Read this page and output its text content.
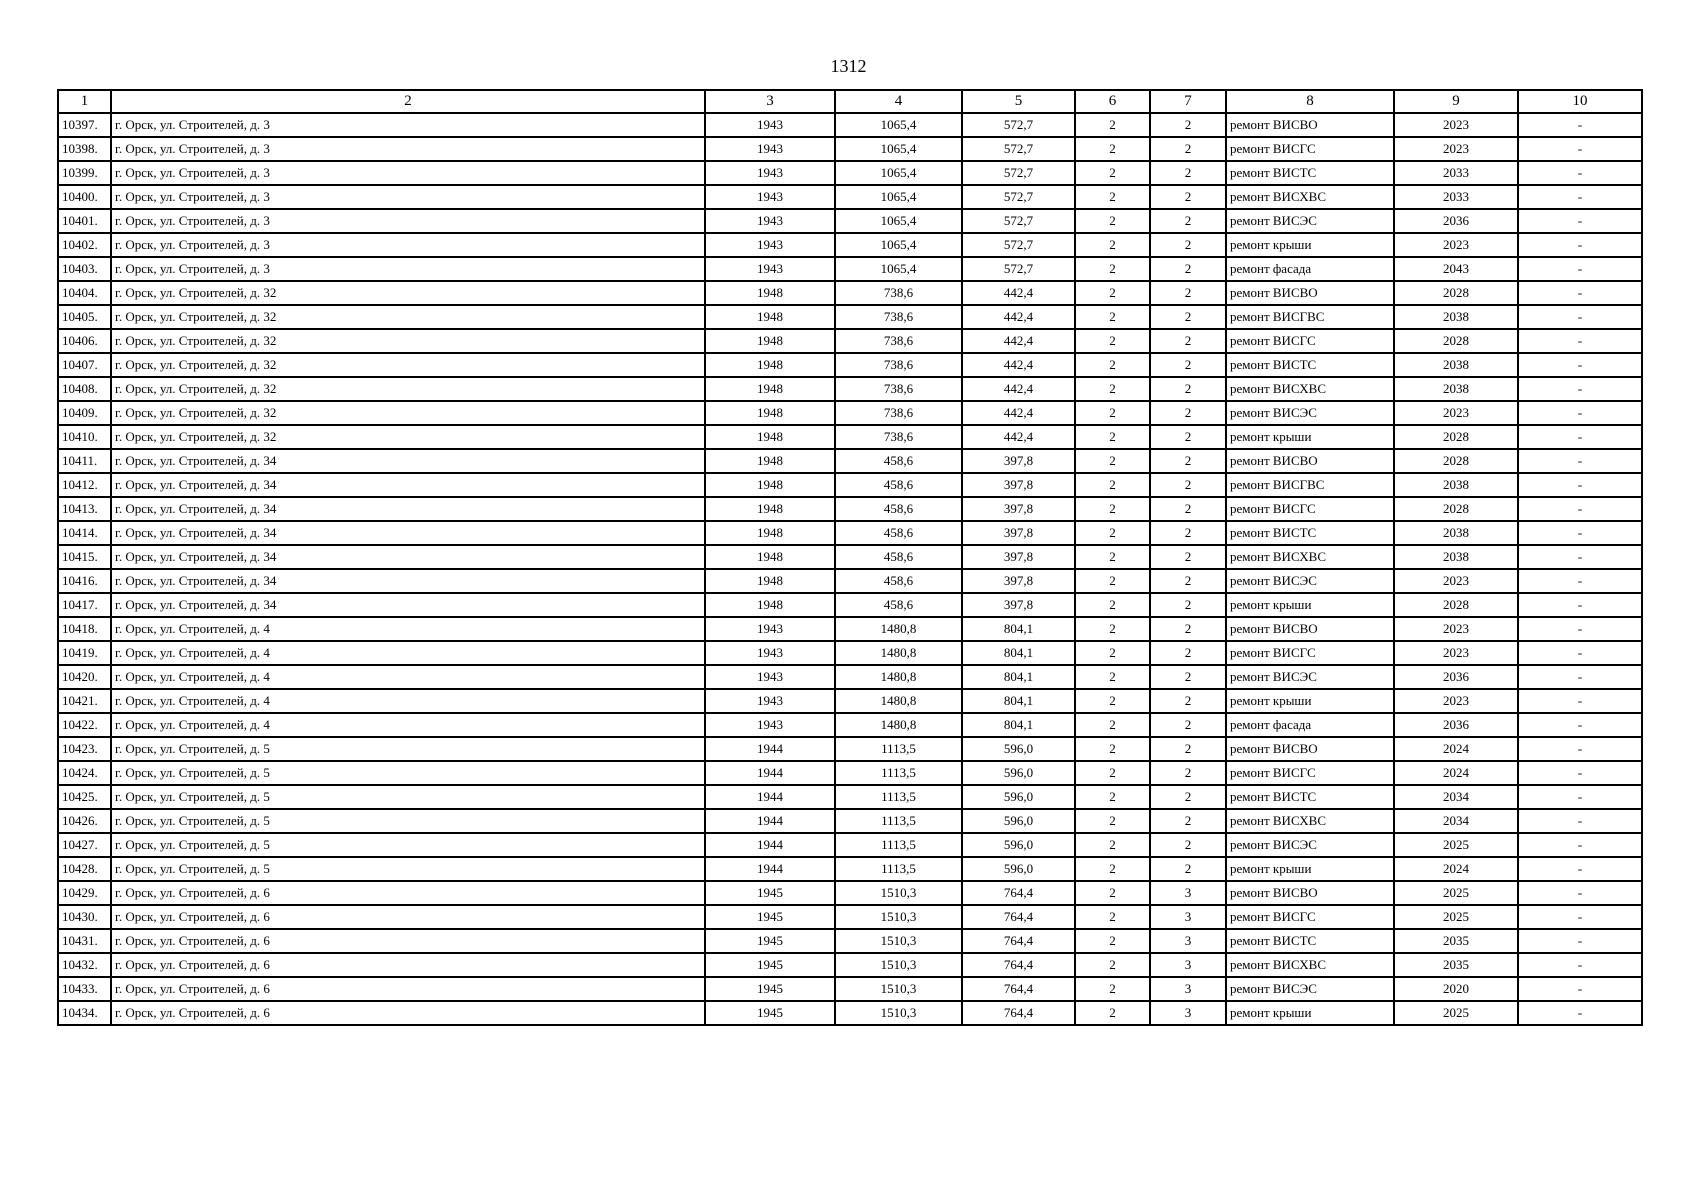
1312
1	2	3	4	5	6	7	8	9	10
10397.	г. Орск, ул. Строителей, д. 3	1943	1065,4	572,7	2	2	ремонт ВИСВО	2023	-
10398.	г. Орск, ул. Строителей, д. 3	1943	1065,4	572,7	2	2	ремонт ВИСГС	2023	-
10399.	г. Орск, ул. Строителей, д. 3	1943	1065,4	572,7	2	2	ремонт ВИСТС	2033	-
10400.	г. Орск, ул. Строителей, д. 3	1943	1065,4	572,7	2	2	ремонт ВИСХВС	2033	-
10401.	г. Орск, ул. Строителей, д. 3	1943	1065,4	572,7	2	2	ремонт ВИСЭС	2036	-
10402.	г. Орск, ул. Строителей, д. 3	1943	1065,4	572,7	2	2	ремонт крыши	2023	-
10403.	г. Орск, ул. Строителей, д. 3	1943	1065,4	572,7	2	2	ремонт фасада	2043	-
10404.	г. Орск, ул. Строителей, д. 32	1948	738,6	442,4	2	2	ремонт ВИСВО	2028	-
10405.	г. Орск, ул. Строителей, д. 32	1948	738,6	442,4	2	2	ремонт ВИСГВС	2038	-
10406.	г. Орск, ул. Строителей, д. 32	1948	738,6	442,4	2	2	ремонт ВИСГС	2028	-
10407.	г. Орск, ул. Строителей, д. 32	1948	738,6	442,4	2	2	ремонт ВИСТС	2038	-
10408.	г. Орск, ул. Строителей, д. 32	1948	738,6	442,4	2	2	ремонт ВИСХВС	2038	-
10409.	г. Орск, ул. Строителей, д. 32	1948	738,6	442,4	2	2	ремонт ВИСЭС	2023	-
10410.	г. Орск, ул. Строителей, д. 32	1948	738,6	442,4	2	2	ремонт крыши	2028	-
10411.	г. Орск, ул. Строителей, д. 34	1948	458,6	397,8	2	2	ремонт ВИСВО	2028	-
10412.	г. Орск, ул. Строителей, д. 34	1948	458,6	397,8	2	2	ремонт ВИСГВС	2038	-
10413.	г. Орск, ул. Строителей, д. 34	1948	458,6	397,8	2	2	ремонт ВИСГС	2028	-
10414.	г. Орск, ул. Строителей, д. 34	1948	458,6	397,8	2	2	ремонт ВИСТС	2038	-
10415.	г. Орск, ул. Строителей, д. 34	1948	458,6	397,8	2	2	ремонт ВИСХВС	2038	-
10416.	г. Орск, ул. Строителей, д. 34	1948	458,6	397,8	2	2	ремонт ВИСЭС	2023	-
10417.	г. Орск, ул. Строителей, д. 34	1948	458,6	397,8	2	2	ремонт крыши	2028	-
10418.	г. Орск, ул. Строителей, д. 4	1943	1480,8	804,1	2	2	ремонт ВИСВО	2023	-
10419.	г. Орск, ул. Строителей, д. 4	1943	1480,8	804,1	2	2	ремонт ВИСГС	2023	-
10420.	г. Орск, ул. Строителей, д. 4	1943	1480,8	804,1	2	2	ремонт ВИСЭС	2036	-
10421.	г. Орск, ул. Строителей, д. 4	1943	1480,8	804,1	2	2	ремонт крыши	2023	-
10422.	г. Орск, ул. Строителей, д. 4	1943	1480,8	804,1	2	2	ремонт фасада	2036	-
10423.	г. Орск, ул. Строителей, д. 5	1944	1113,5	596,0	2	2	ремонт ВИСВО	2024	-
10424.	г. Орск, ул. Строителей, д. 5	1944	1113,5	596,0	2	2	ремонт ВИСГС	2024	-
10425.	г. Орск, ул. Строителей, д. 5	1944	1113,5	596,0	2	2	ремонт ВИСТС	2034	-
10426.	г. Орск, ул. Строителей, д. 5	1944	1113,5	596,0	2	2	ремонт ВИСХВС	2034	-
10427.	г. Орск, ул. Строителей, д. 5	1944	1113,5	596,0	2	2	ремонт ВИСЭС	2025	-
10428.	г. Орск, ул. Строителей, д. 5	1944	1113,5	596,0	2	2	ремонт крыши	2024	-
10429.	г. Орск, ул. Строителей, д. 6	1945	1510,3	764,4	2	3	ремонт ВИСВО	2025	-
10430.	г. Орск, ул. Строителей, д. 6	1945	1510,3	764,4	2	3	ремонт ВИСГС	2025	-
10431.	г. Орск, ул. Строителей, д. 6	1945	1510,3	764,4	2	3	ремонт ВИСТС	2035	-
10432.	г. Орск, ул. Строителей, д. 6	1945	1510,3	764,4	2	3	ремонт ВИСХВС	2035	-
10433.	г. Орск, ул. Строителей, д. 6	1945	1510,3	764,4	2	3	ремонт ВИСЭС	2020	-
10434.	г. Орск, ул. Строителей, д. 6	1945	1510,3	764,4	2	3	ремонт крыши	2025	-
